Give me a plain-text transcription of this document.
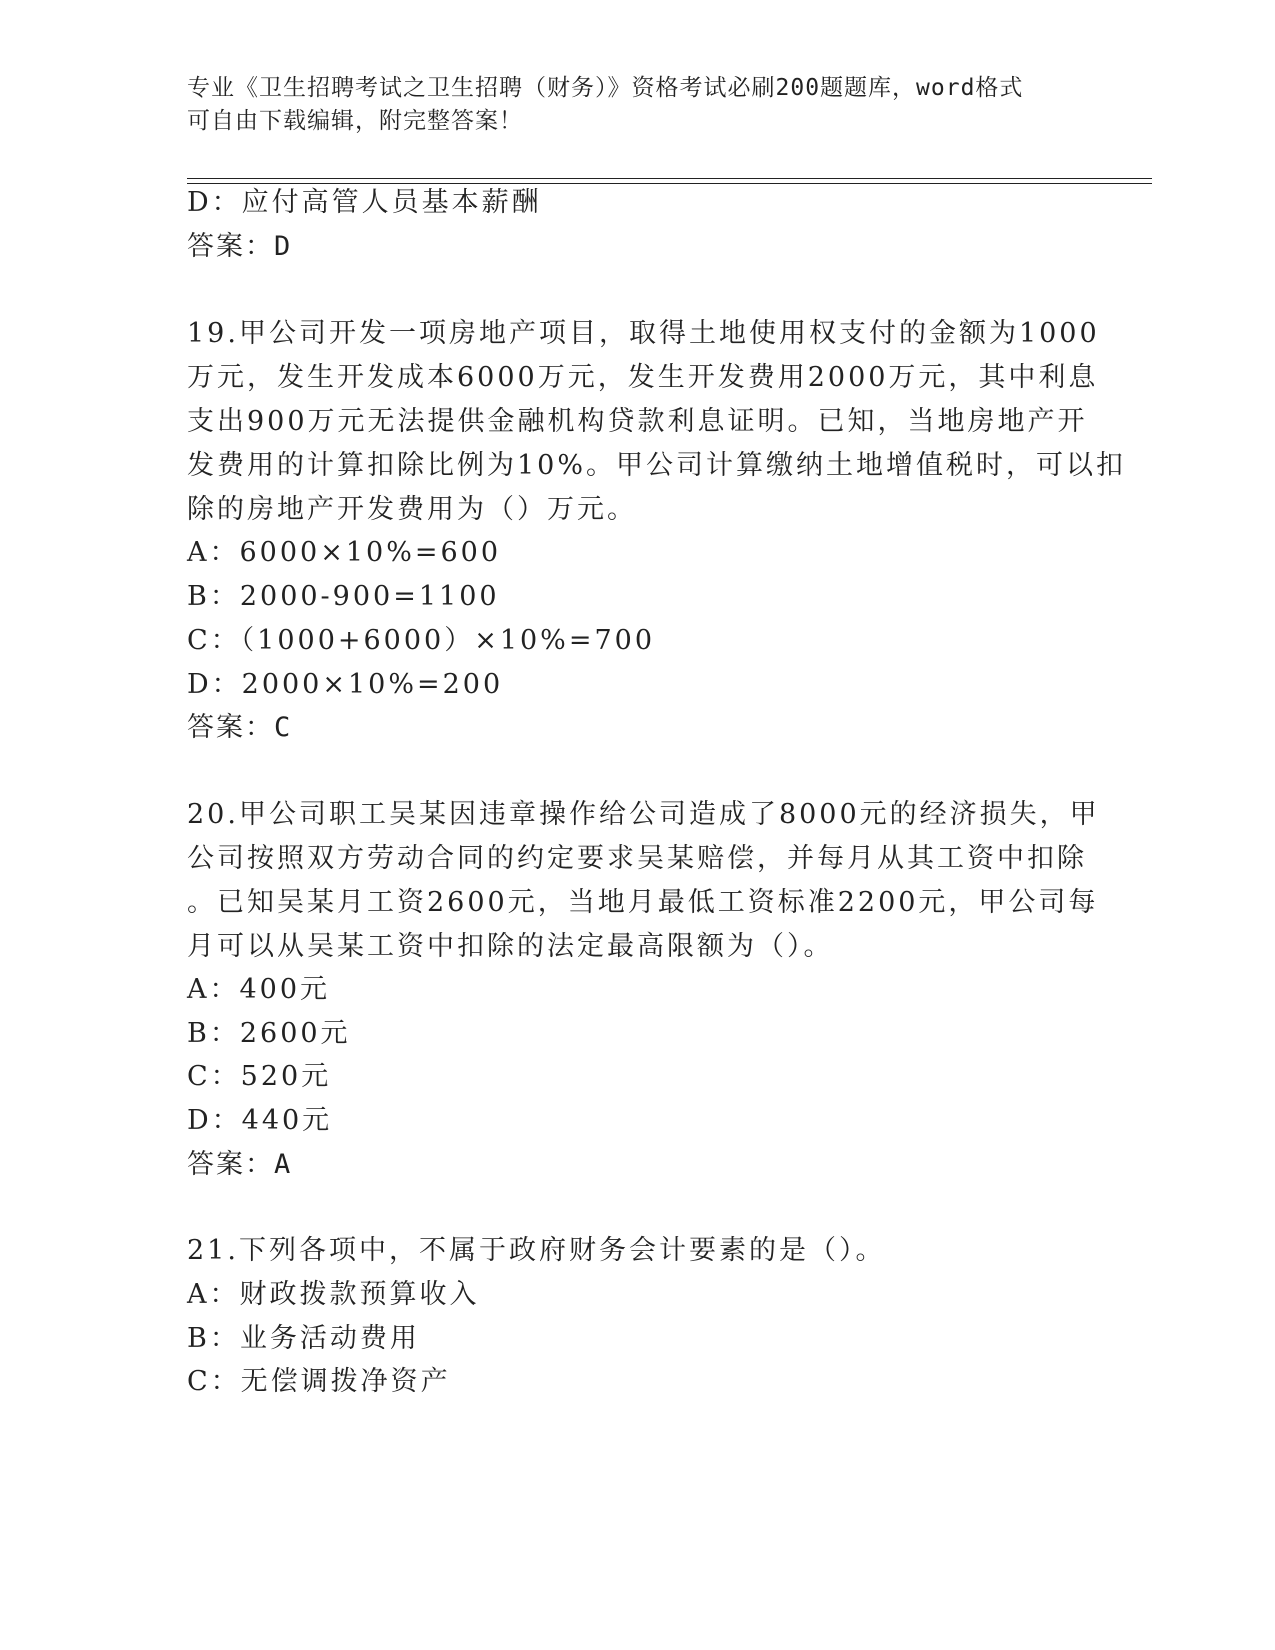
专业《卫生招聘考试之卫生招聘（财务）》资格考试必刷200题题库，word格式
可自由下载编辑，附完整答案！
D：应付高管人员基本薪酬
答案：D
19.甲公司开发一项房地产项目，取得土地使用权支付的金额为1000
万元，发生开发成本6000万元，发生开发费用2000万元，其中利息
支出900万元无法提供金融机构贷款利息证明。已知，当地房地产开
发费用的计算扣除比例为10%。甲公司计算缴纳土地增值税时，可以扣
除的房地产开发费用为（）万元。
A：6000×10%=600
B：2000-900=1100
C：（1000+6000）×10%=700
D：2000×10%=200
答案：C
20.甲公司职工吴某因违章操作给公司造成了8000元的经济损失，甲
公司按照双方劳动合同的约定要求吴某赔偿，并每月从其工资中扣除
。已知吴某月工资2600元，当地月最低工资标准2200元，甲公司每
月可以从吴某工资中扣除的法定最高限额为（）。
A：400元
B：2600元
C：520元
D：440元
答案：A
21.下列各项中，不属于政府财务会计要素的是（）。
A：财政拨款预算收入
B：业务活动费用
C：无偿调拨净资产
